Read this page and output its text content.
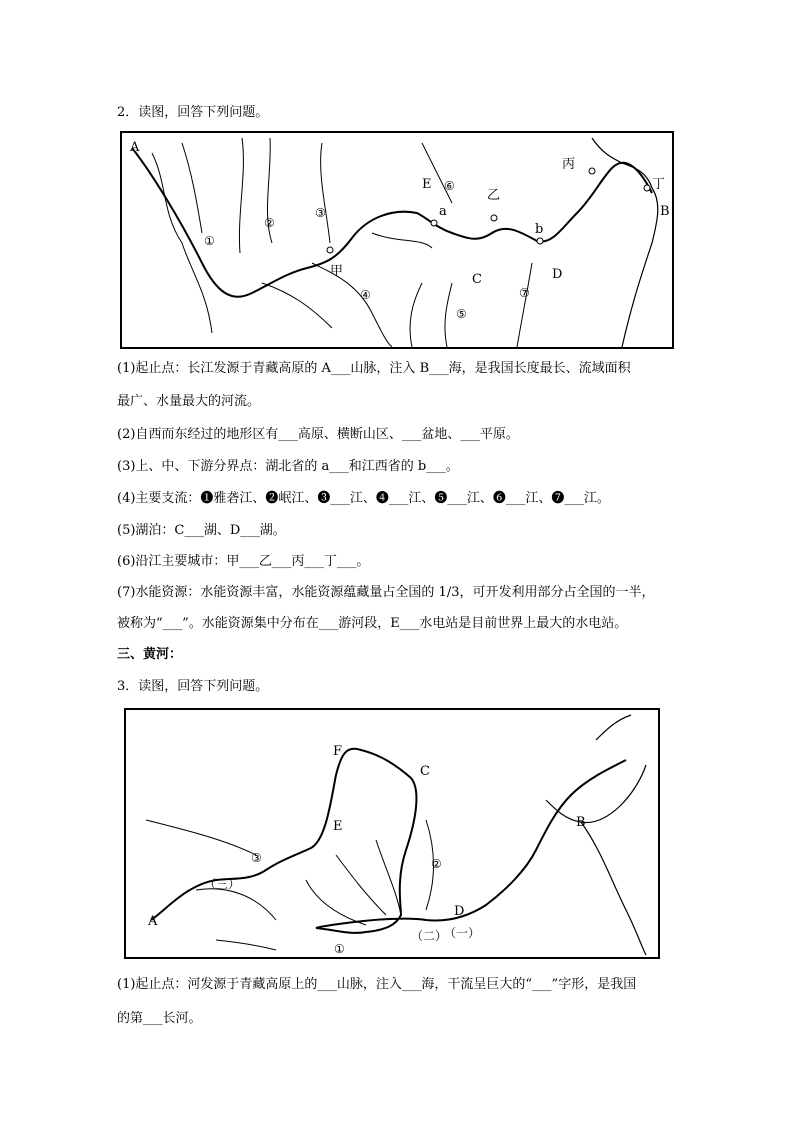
2．读图，回答下列问题。
A
B
C	D
E
a
b
甲
乙
丙
丁
①
②
③
④
⑤
⑥
⑦
(1)起止点：长江发源于青藏高原的 A___山脉，注入 B___海，是我国长度最长、流域面积
最广、水量最大的河流。
(2)自西而东经过的地形区有___高原、横断山区、___盆地、___平原。
(3)上、中、下游分界点：湖北省的 a___和江西省的 b___。
(4)主要支流：❶雅砻江、❷岷江、❸___江、❹___江、❺___江、❻___江、❼___江。
(5)湖泊：C___湖、D___湖。
(6)沿江主要城市：甲___乙___丙___丁___。
(7)水能资源：水能资源丰富，水能资源蕴藏量占全国的 1/3，可开发利用部分占全国的一半，
被称为“___”。水能资源集中分布在___游河段，E___水电站是目前世界上最大的水电站。
三、黄河：
3．读图，回答下列问题。
A
B
C
D
E
F
（三）
（二）
（一）
①
②
③
(1)起止点：河发源于青藏高原上的___山脉，注入___海，干流呈巨大的“___”字形，是我国
的第___长河。
